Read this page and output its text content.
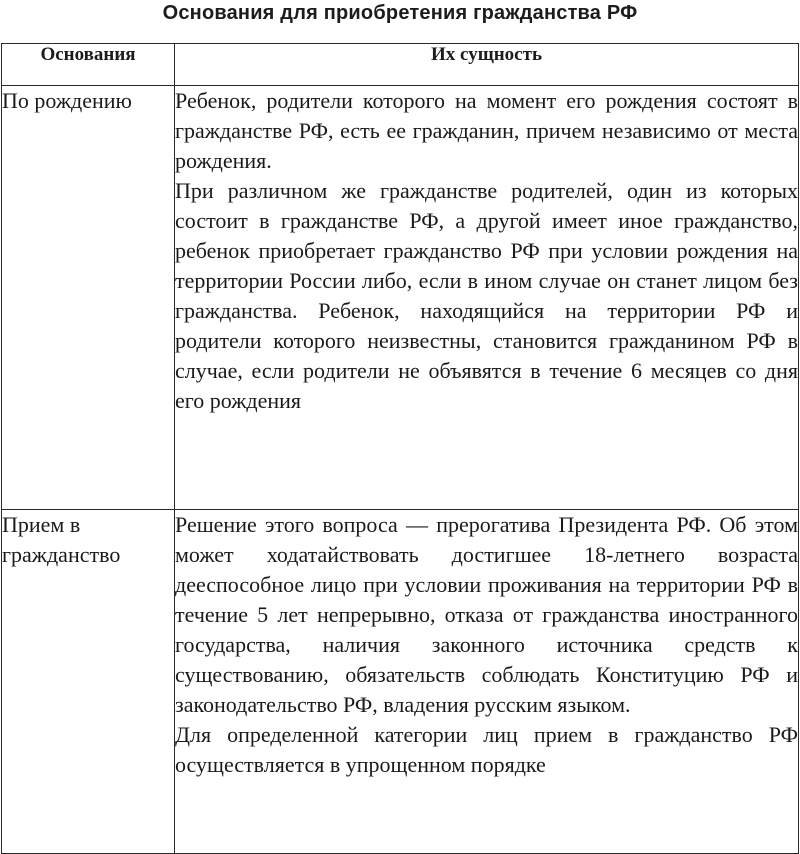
Основания для приобретения гражданства РФ
Основания	Их сущность
По рождению	Ребенок, родители которого на момент его рождения состоят в гражданстве РФ, есть ее гражданин, причем независимо от места рождения.

При различном же гражданстве родителей, один из которых состоит в гражданстве РФ, а другой имеет иное гражданство, ребенок приобретает гражданство РФ при условии рождения на территории России либо, если в ином случае он станет лицом без гражданства. Ребенок, находящийся на территории РФ и родители которого неизвестны, становится гражданином РФ в случае, если родители не объявятся в течение 6 месяцев со дня его рождения

Прием в гражданство	Решение этого вопроса — прерогатива Президента РФ. Об этом может ходатайствовать достигшее 18-летнего возраста дееспособное лицо при условии проживания на территории РФ в течение 5 лет непрерывно, отказа от гражданства иностранного государства, наличия законного источника средств к существованию, обязательств соблюдать Конституцию РФ и законодательство РФ, владения русским языком.

Для определенной категории лиц прием в гражданство РФ осуществляется в упрощенном порядке
